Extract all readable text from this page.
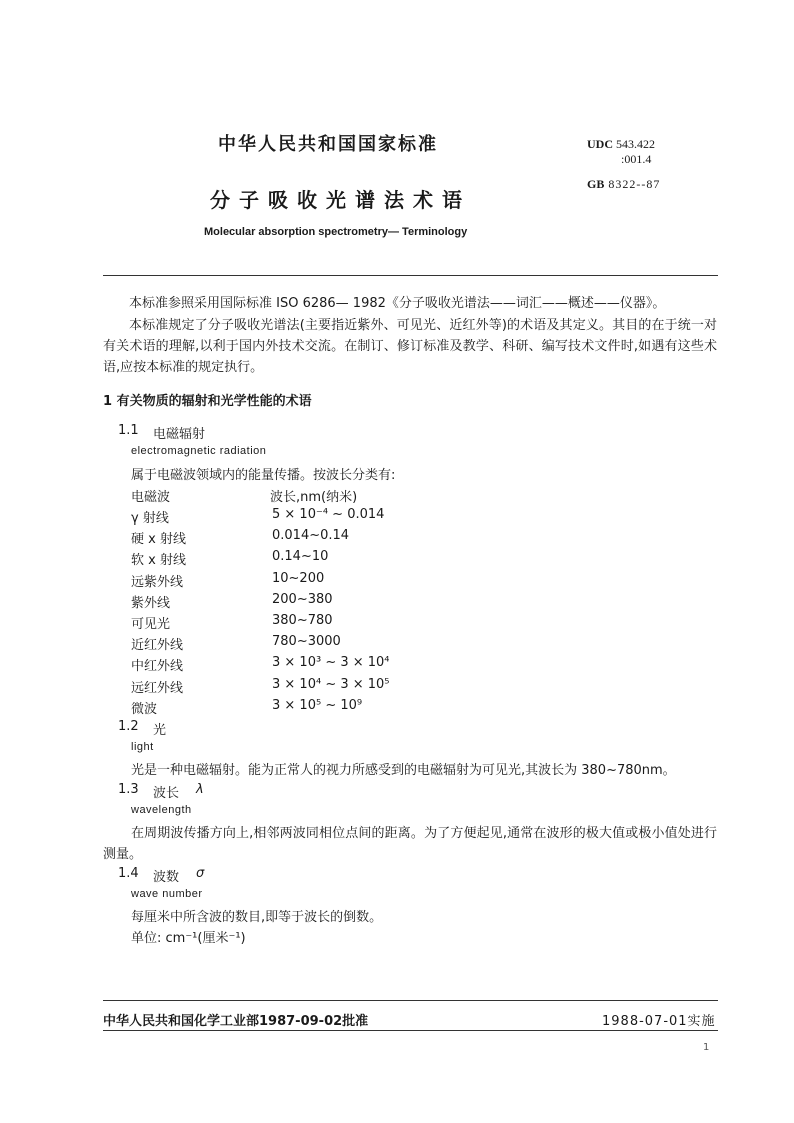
中华人民共和国国家标准
分子吸收光谱法术语
Molecular absorption spectrometry— Terminology
UDC 543.422
:001.4
GB 8322--87
本标准参照采用国际标准 ISO 6286— 1982《分子吸收光谱法——词汇——概述——仪器》。
本标准规定了分子吸收光谱法(主要指近紫外、可见光、近红外等)的术语及其定义。其目的在于统一对有关术语的理解,以利于国内外技术交流。在制订、修订标准及教学、科研、编写技术文件时,如遇有这些术语,应按本标准的规定执行。
1 有关物质的辐射和光学性能的术语
1.1 电磁辐射
electromagnetic radiation
属于电磁波领域内的能量传播。按波长分类有:
电磁波	波长,nm(纳米)
γ 射线	5 × 10⁻⁴ ~ 0.014
硬 x 射线	0.014~0.14
软 x 射线	0.14~10
远紫外线	10~200
紫外线	200~380
可见光	380~780
近红外线	780~3000
中红外线	3 × 10³ ~ 3 × 10⁴
远红外线	3 × 10⁴ ~ 3 × 10⁵
微波	3 × 10⁵ ~ 10⁹
1.2 光
light
光是一种电磁辐射。能为正常人的视力所感受到的电磁辐射为可见光,其波长为 380~780nm。
1.3 波长 λ
wavelength
在周期波传播方向上,相邻两波同相位点间的距离。为了方便起见,通常在波形的极大值或极小值处进行测量。
1.4 波数 σ
wave number
每厘米中所含波的数目,即等于波长的倒数。
单位: cm⁻¹(厘米⁻¹)
中华人民共和国化学工业部1987-09-02批准	1988-07-01实施
1
